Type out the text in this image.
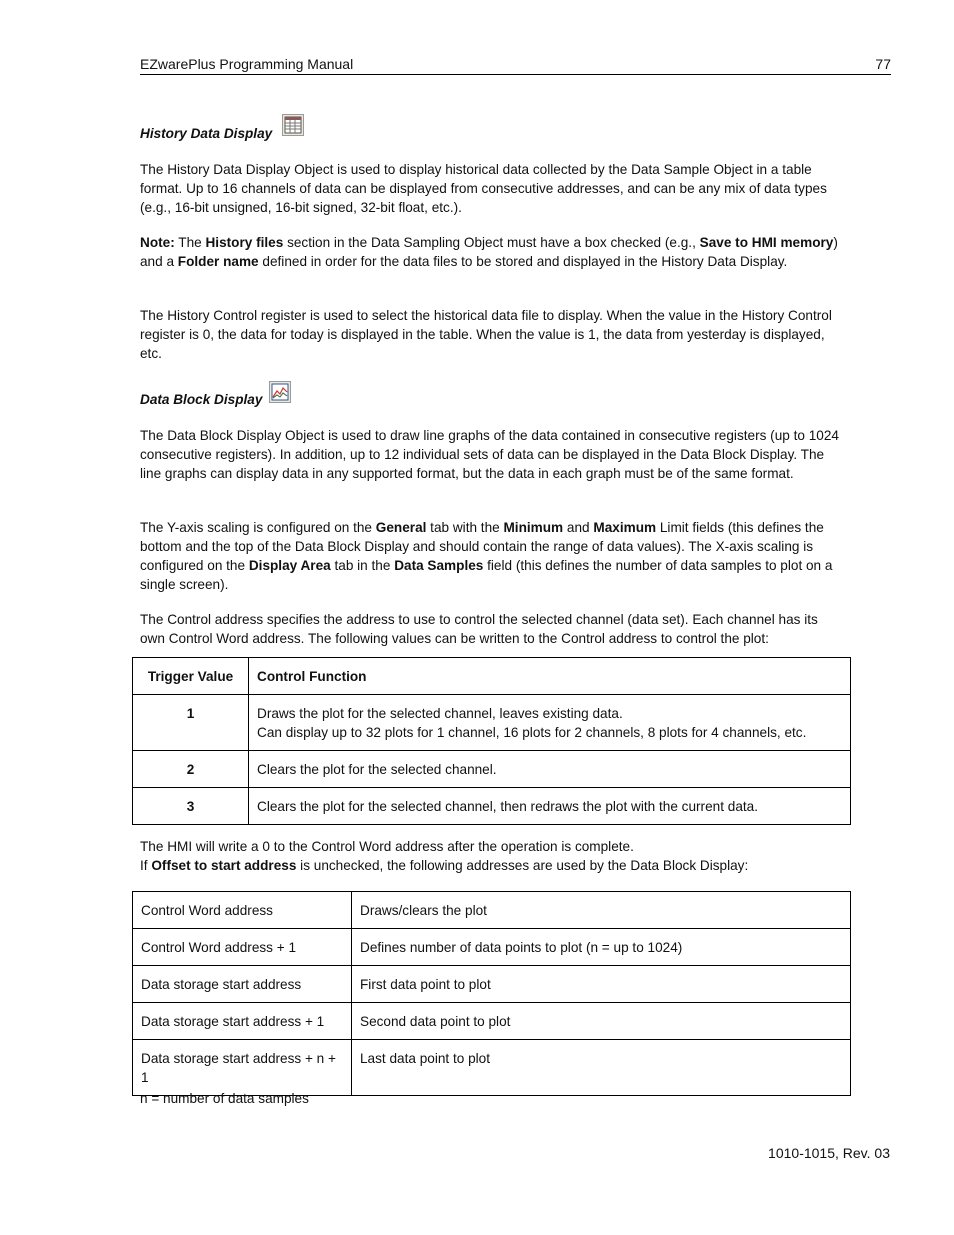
EZwarePlus Programming Manual	77
History Data Display

The History Data Display Object is used to display historical data collected by the Data Sample Object in a table format. Up to 16 channels of data can be displayed from consecutive addresses, and can be any mix of data types (e.g., 16-bit unsigned, 16-bit signed, 32-bit float, etc.).

Note: The History files section in the Data Sampling Object must have a box checked (e.g., Save to HMI memory) and a Folder name defined in order for the data files to be stored and displayed in the History Data Display.

The History Control register is used to select the historical data file to display. When the value in the History Control register is 0, the data for today is displayed in the table. When the value is 1, the data from yesterday is displayed, etc.

Data Block Display

The Data Block Display Object is used to draw line graphs of the data contained in consecutive registers (up to 1024 consecutive registers). In addition, up to 12 individual sets of data can be displayed in the Data Block Display. The line graphs can display data in any supported format, but the data in each graph must be of the same format.

The Y-axis scaling is configured on the General tab with the Minimum and Maximum Limit fields (this defines the bottom and the top of the Data Block Display and should contain the range of data values). The X-axis scaling is configured on the Display Area tab in the Data Samples field (this defines the number of data samples to plot on a single screen).

The Control address specifies the address to use to control the selected channel (data set). Each channel has its own Control Word address. The following values can be written to the Control address to control the plot:

Trigger Value	Control Function
1	Draws the plot for the selected channel, leaves existing data.
Can display up to 32 plots for 1 channel, 16 plots for 2 channels, 8 plots for 4 channels, etc.

2	Clears the plot for the selected channel.
3	Clears the plot for the selected channel, then redraws the plot with the current data.

The HMI will write a 0 to the Control Word address after the operation is complete.

If Offset to start address is unchecked, the following addresses are used by the Data Block Display:

Control Word address	Draws/clears the plot
Control Word address + 1	Defines number of data points to plot (n = up to 1024)
Data storage start address	First data point to plot
Data storage start address + 1	Second data point to plot
Data storage start address + n + 1	Last data point to plot
n = number of data samples
1010-1015, Rev. 03
